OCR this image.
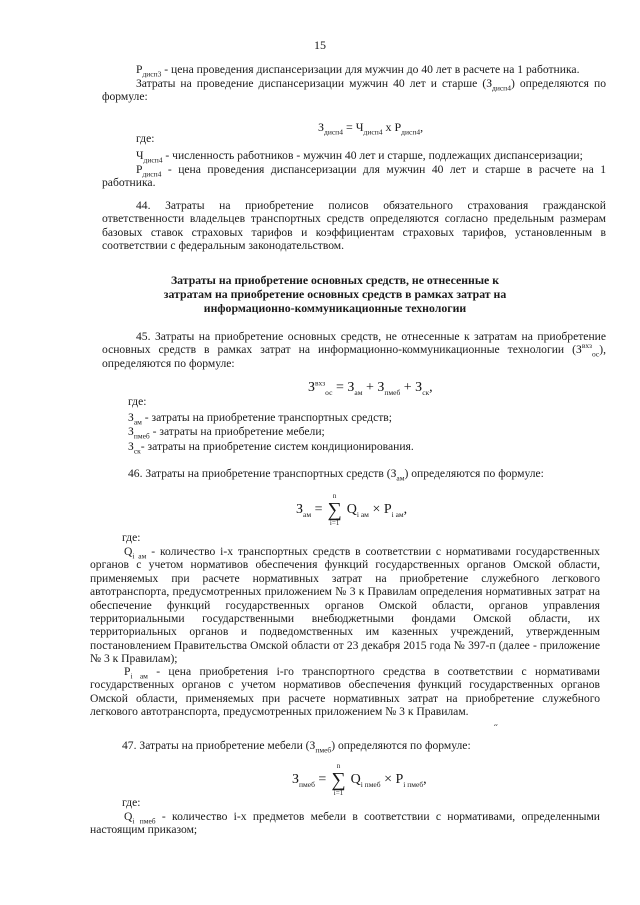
15
$Р_{дисп3}$ - цена проведения диспансеризации для мужчин до 40 лет в расчете на 1 работника.
Затраты на проведение диспансеризации мужчин 40 лет и старше $(З_{дисп4})$ определяются по формуле:
$З_{дисп4} = Ч_{дисп4}$ х $Р_{дисп4}$,
где:
$Ч_{дисп4}$ - численность работников - мужчин 40 лет и старше, подлежащих диспансеризации;
$Р_{дисп4}$ - цена проведения диспансеризации для мужчин 40 лет и старше в расчете на 1 работника.
44. Затраты на приобретение полисов обязательного страхования гражданской ответственности владельцев транспортных средств определяются согласно предельным размерам базовых ставок страховых тарифов и коэффициентам страховых тарифов, установленным в соответствии с федеральным законодательством.
Затраты на приобретение основных средств, не отнесенные к затратам на приобретение основных средств в рамках затрат на информационно-коммуникационные технологии
45. Затраты на приобретение основных средств, не отнесенные к затратам на приобретение основных средств в рамках затрат на информационно-коммуникационные технологии $(З^{вхз}_{ос})$, определяются по формуле:
$З^{вхз}_{ос} = З_{ам} + З_{пмеб} + З_{ск}$,
где:
$З_{ам}$ - затраты на приобретение транспортных средств;
$З_{пмеб}$ - затраты на приобретение мебели;
$З_{ск}-$ затраты на приобретение систем кондиционирования.
46. Затраты на приобретение транспортных средств $(З_{ам})$ определяются по формуле:
$З_{ам}$ =
n
∑
i=1
$Q_{i ам} \times P_{i ам}$,
где:
$Q_{i ам}$ - количество i-х транспортных средств в соответствии с нормативами государственных органов с учетом нормативов обеспечения функций государственных органов Омской области, применяемых при расчете нормативных затрат на приобретение служебного легкового автотранспорта, предусмотренных приложением № 3 к Правилам определения нормативных затрат на обеспечение функций государственных органов Омской области, органов управления территориальными государственными внебюджетными фондами Омской области, их территориальных органов и подведомственных им казенных учреждений, утвержденным постановлением Правительства Омской области от 23 декабря 2015 года № 397-п (далее - приложение № 3 к Правилам);
$P_{i ам}$ - цена приобретения i-го транспортного средства в соответствии с нормативами государственных органов с учетом нормативов обеспечения функций государственных органов Омской области, применяемых при расчете нормативных затрат на приобретение служебного легкового автотранспорта, предусмотренных приложением № 3 к Правилам.
˝
47. Затраты на приобретение мебели $(З_{пмеб})$ определяются по формуле:
$З_{пмеб}$ =
n
∑
i=1
$Q_{i пмеб} \times P_{i пмеб}$,
где:
$Q_{i пмеб}$ - количество i-х предметов мебели в соответствии с нормативами, определенными настоящим приказом;
